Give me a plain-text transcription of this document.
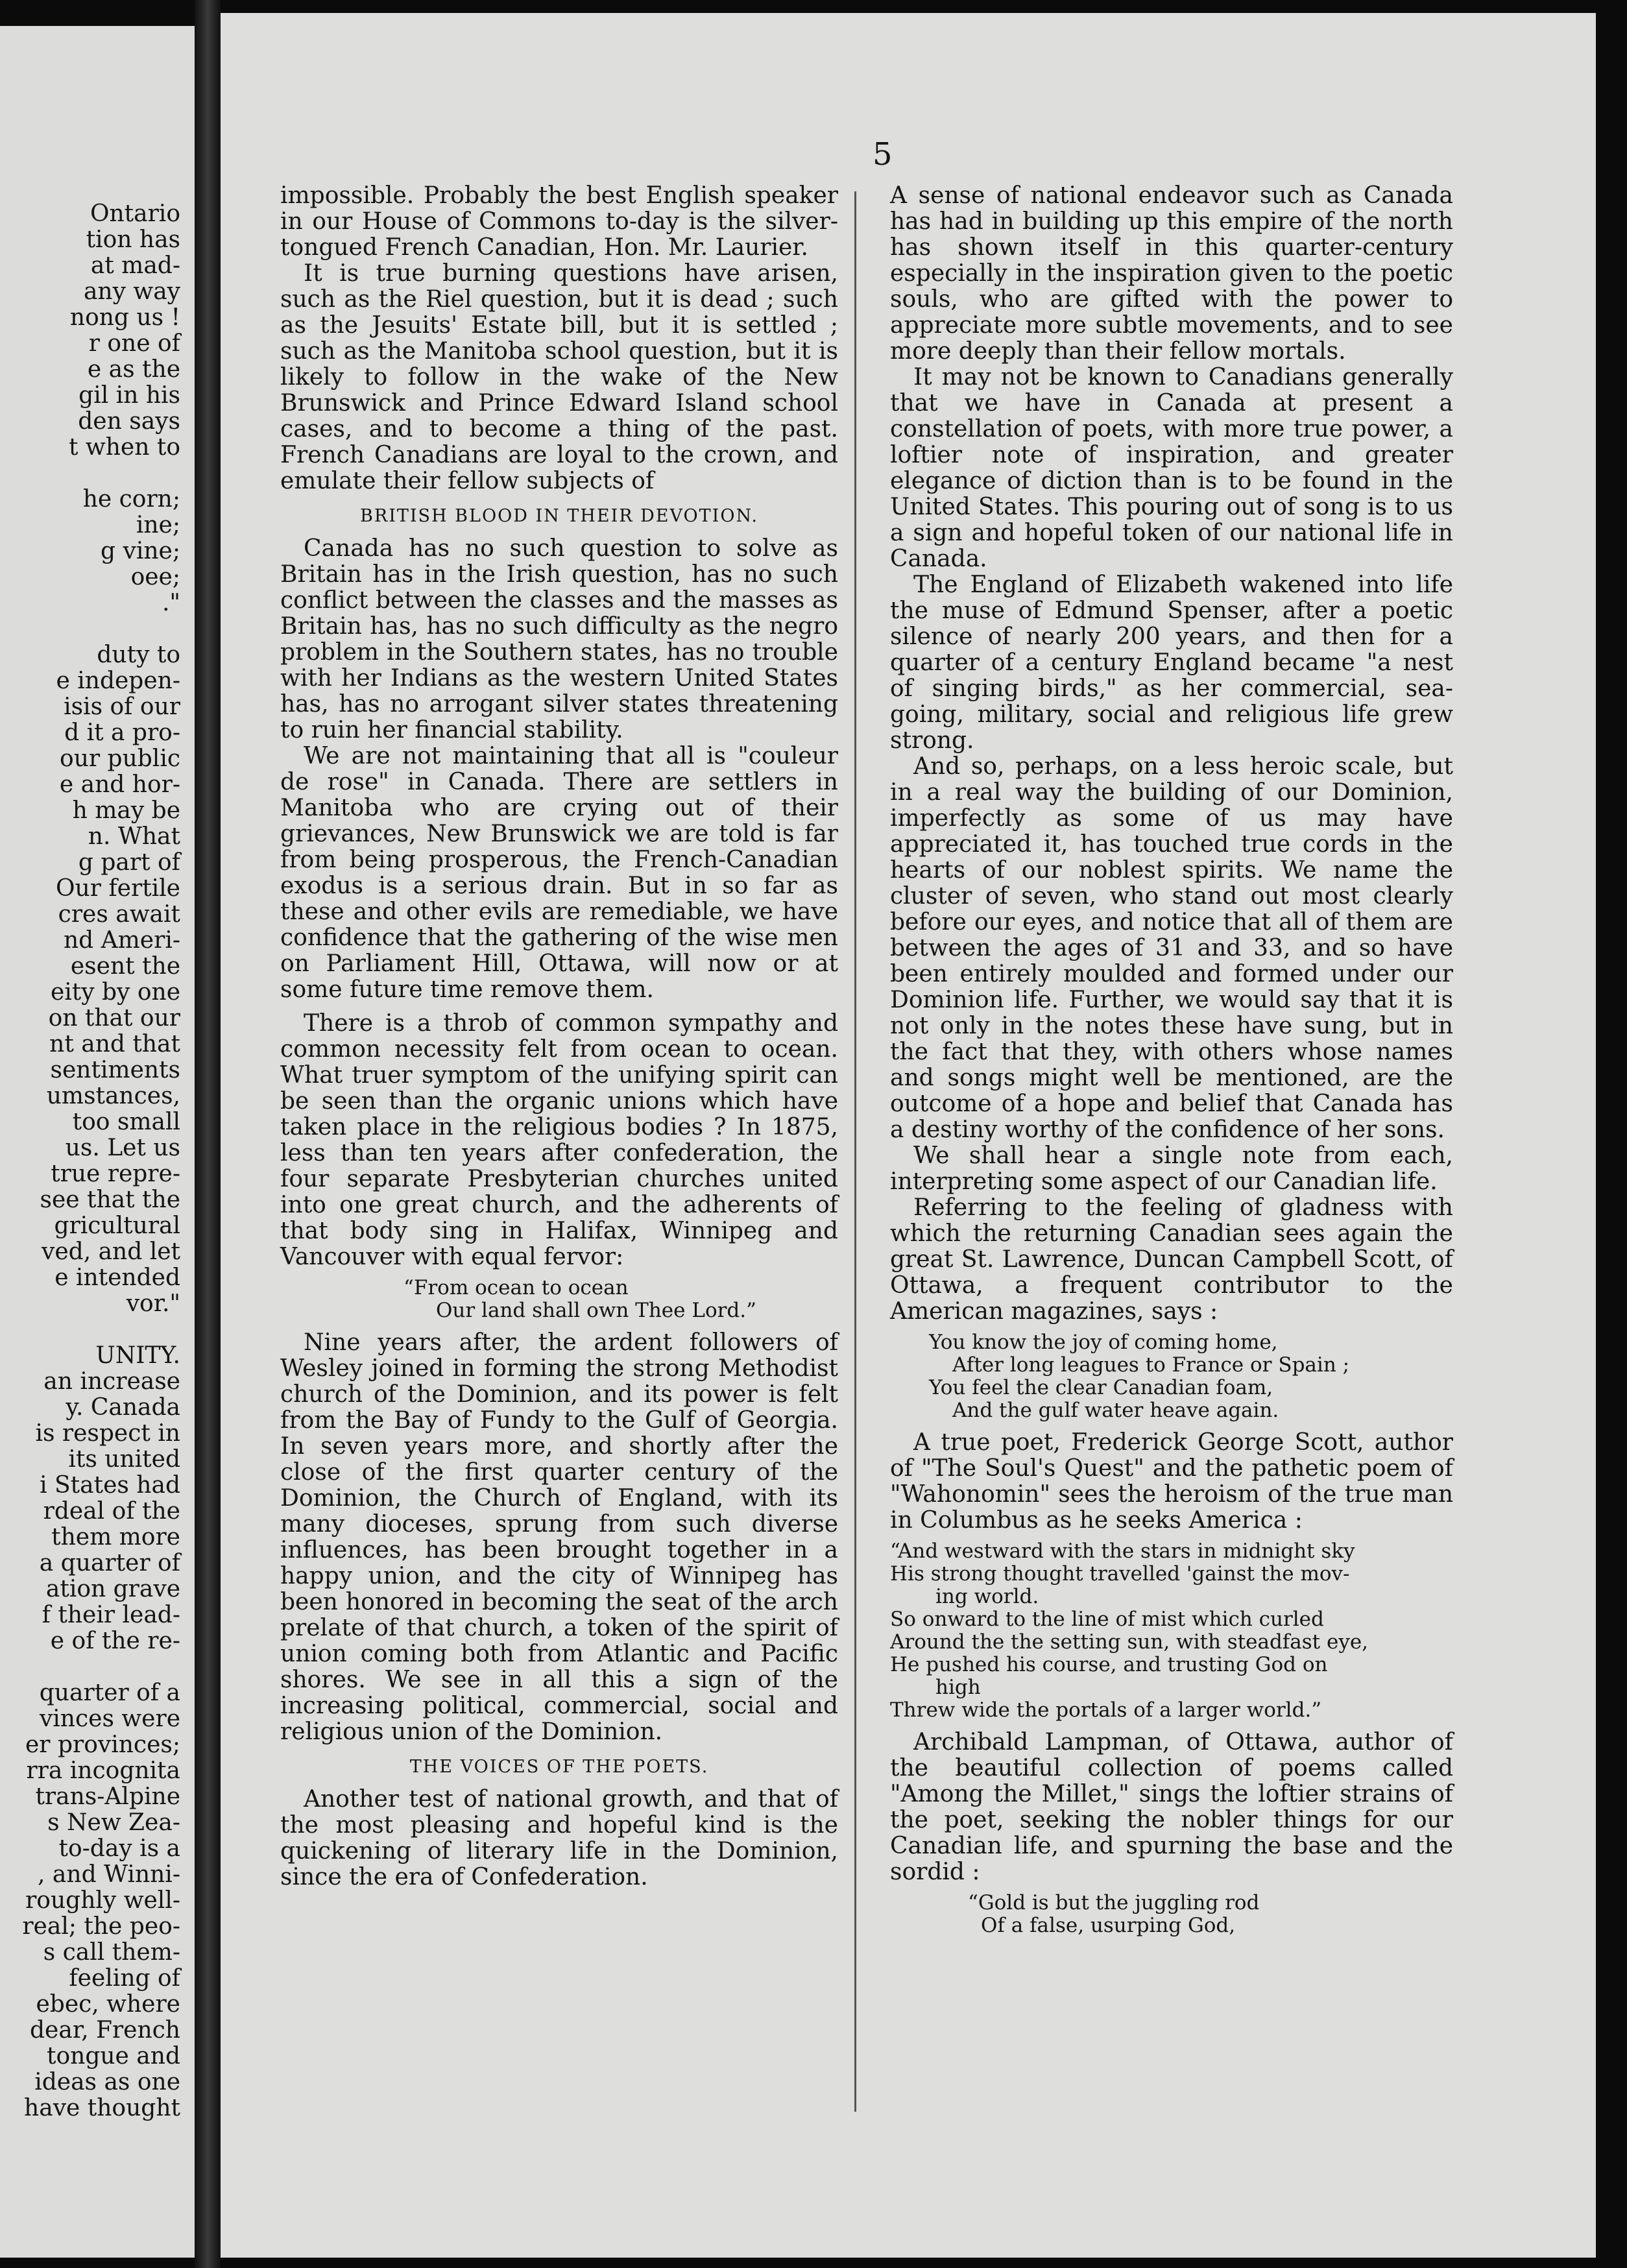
Ontario
tion has
at mad-
any way
nong us !
r one of
e as the
gil in his
den says
t when to
he corn;
ine;
g vine;
oee;
."
duty to
e indepen-
isis of our
d it a pro-
our public
e and hor-
h may be
n. What
g part of
Our fertile
cres await
nd Ameri-
esent the
eity by one
on that our
nt and that
sentiments
umstances,
too small
us. Let us
true repre-
see that the
gricultural
ved, and let
e intended
vor."
UNITY.
an increase
y. Canada
is respect in
its united
i States had
rdeal of the
them more
a quarter of
ation grave
f their lead-
e of the re-
quarter of a
vinces were
er provinces;
rra incognita
trans-Alpine
s New Zea-
to-day is a
, and Winni-
roughly well-
real; the peo-
s call them-
feeling of
ebec, where
dear, French
tongue and
ideas as one
have thought
5

impossible. Probably the best English speaker in our House of Commons to-day is the silver-tongued French Canadian, Hon. Mr. Laurier.

It is true burning questions have arisen, such as the Riel question, but it is dead ; such as the Jesuits' Estate bill, but it is settled ; such as the Manitoba school question, but it is likely to follow in the wake of the New Brunswick and Prince Edward Island school cases, and to become a thing of the past. French Canadians are loyal to the crown, and emulate their fellow subjects of

BRITISH BLOOD IN THEIR DEVOTION.

Canada has no such question to solve as Britain has in the Irish question, has no such conflict between the classes and the masses as Britain has, has no such difficulty as the negro problem in the Southern states, has no trouble with her Indians as the western United States has, has no arrogant silver states threatening to ruin her financial stability.

We are not maintaining that all is "couleur de rose" in Canada. There are settlers in Manitoba who are crying out of their grievances, New Brunswick we are told is far from being prosperous, the French-Canadian exodus is a serious drain. But in so far as these and other evils are remediable, we have confidence that the gathering of the wise men on Parliament Hill, Ottawa, will now or at some future time remove them.

There is a throb of common sympathy and common necessity felt from ocean to ocean. What truer symptom of the unifying spirit can be seen than the organic unions which have taken place in the religious bodies ? In 1875, less than ten years after confederation, the four separate Presbyterian churches united into one great church, and the adherents of that body sing in Halifax, Winnipeg and Vancouver with equal fervor:

“From ocean to ocean
Our land shall own Thee Lord.”

Nine years after, the ardent followers of Wesley joined in forming the strong Methodist church of the Dominion, and its power is felt from the Bay of Fundy to the Gulf of Georgia. In seven years more, and shortly after the close of the first quarter century of the Dominion, the Church of England, with its many dioceses, sprung from such diverse influences, has been brought together in a happy union, and the city of Winnipeg has been honored in becoming the seat of the arch prelate of that church, a token of the spirit of union coming both from Atlantic and Pacific shores. We see in all this a sign of the increasing political, commercial, social and religious union of the Dominion.

THE VOICES OF THE POETS.

Another test of national growth, and that of the most pleasing and hopeful kind is the quickening of literary life in the Dominion, since the era of Confederation.

A sense of national endeavor such as Canada has had in building up this empire of the north has shown itself in this quarter-century especially in the inspiration given to the poetic souls, who are gifted with the power to appreciate more subtle movements, and to see more deeply than their fellow mortals.

It may not be known to Canadians generally that we have in Canada at present a constellation of poets, with more true power, a loftier note of inspiration, and greater elegance of diction than is to be found in the United States. This pouring out of song is to us a sign and hopeful token of our national life in Canada.

The England of Elizabeth wakened into life the muse of Edmund Spenser, after a poetic silence of nearly 200 years, and then for a quarter of a century England became "a nest of singing birds," as her commercial, sea-going, military, social and religious life grew strong.

And so, perhaps, on a less heroic scale, but in a real way the building of our Dominion, imperfectly as some of us may have appreciated it, has touched true cords in the hearts of our noblest spirits. We name the cluster of seven, who stand out most clearly before our eyes, and notice that all of them are between the ages of 31 and 33, and so have been entirely moulded and formed under our Dominion life. Further, we would say that it is not only in the notes these have sung, but in the fact that they, with others whose names and songs might well be mentioned, are the outcome of a hope and belief that Canada has a destiny worthy of the confidence of her sons.

We shall hear a single note from each, interpreting some aspect of our Canadian life.

Referring to the feeling of gladness with which the returning Canadian sees again the great St. Lawrence, Duncan Campbell Scott, of Ottawa, a frequent contributor to the American magazines, says :

You know the joy of coming home,
After long leagues to France or Spain ;
You feel the clear Canadian foam,
And the gulf water heave again.

A true poet, Frederick George Scott, author of "The Soul's Quest" and the pathetic poem of "Wahonomin" sees the heroism of the true man in Columbus as he seeks America :

“And westward with the stars in midnight sky
His strong thought travelled 'gainst the mov-
ing world.
So onward to the line of mist which curled
Around the the setting sun, with steadfast eye,
He pushed his course, and trusting God on
high
Threw wide the portals of a larger world.”

Archibald Lampman, of Ottawa, author of the beautiful collection of poems called "Among the Millet," sings the loftier strains of the poet, seeking the nobler things for our Canadian life, and spurning the base and the sordid :

“Gold is but the juggling rod
Of a false, usurping God,
